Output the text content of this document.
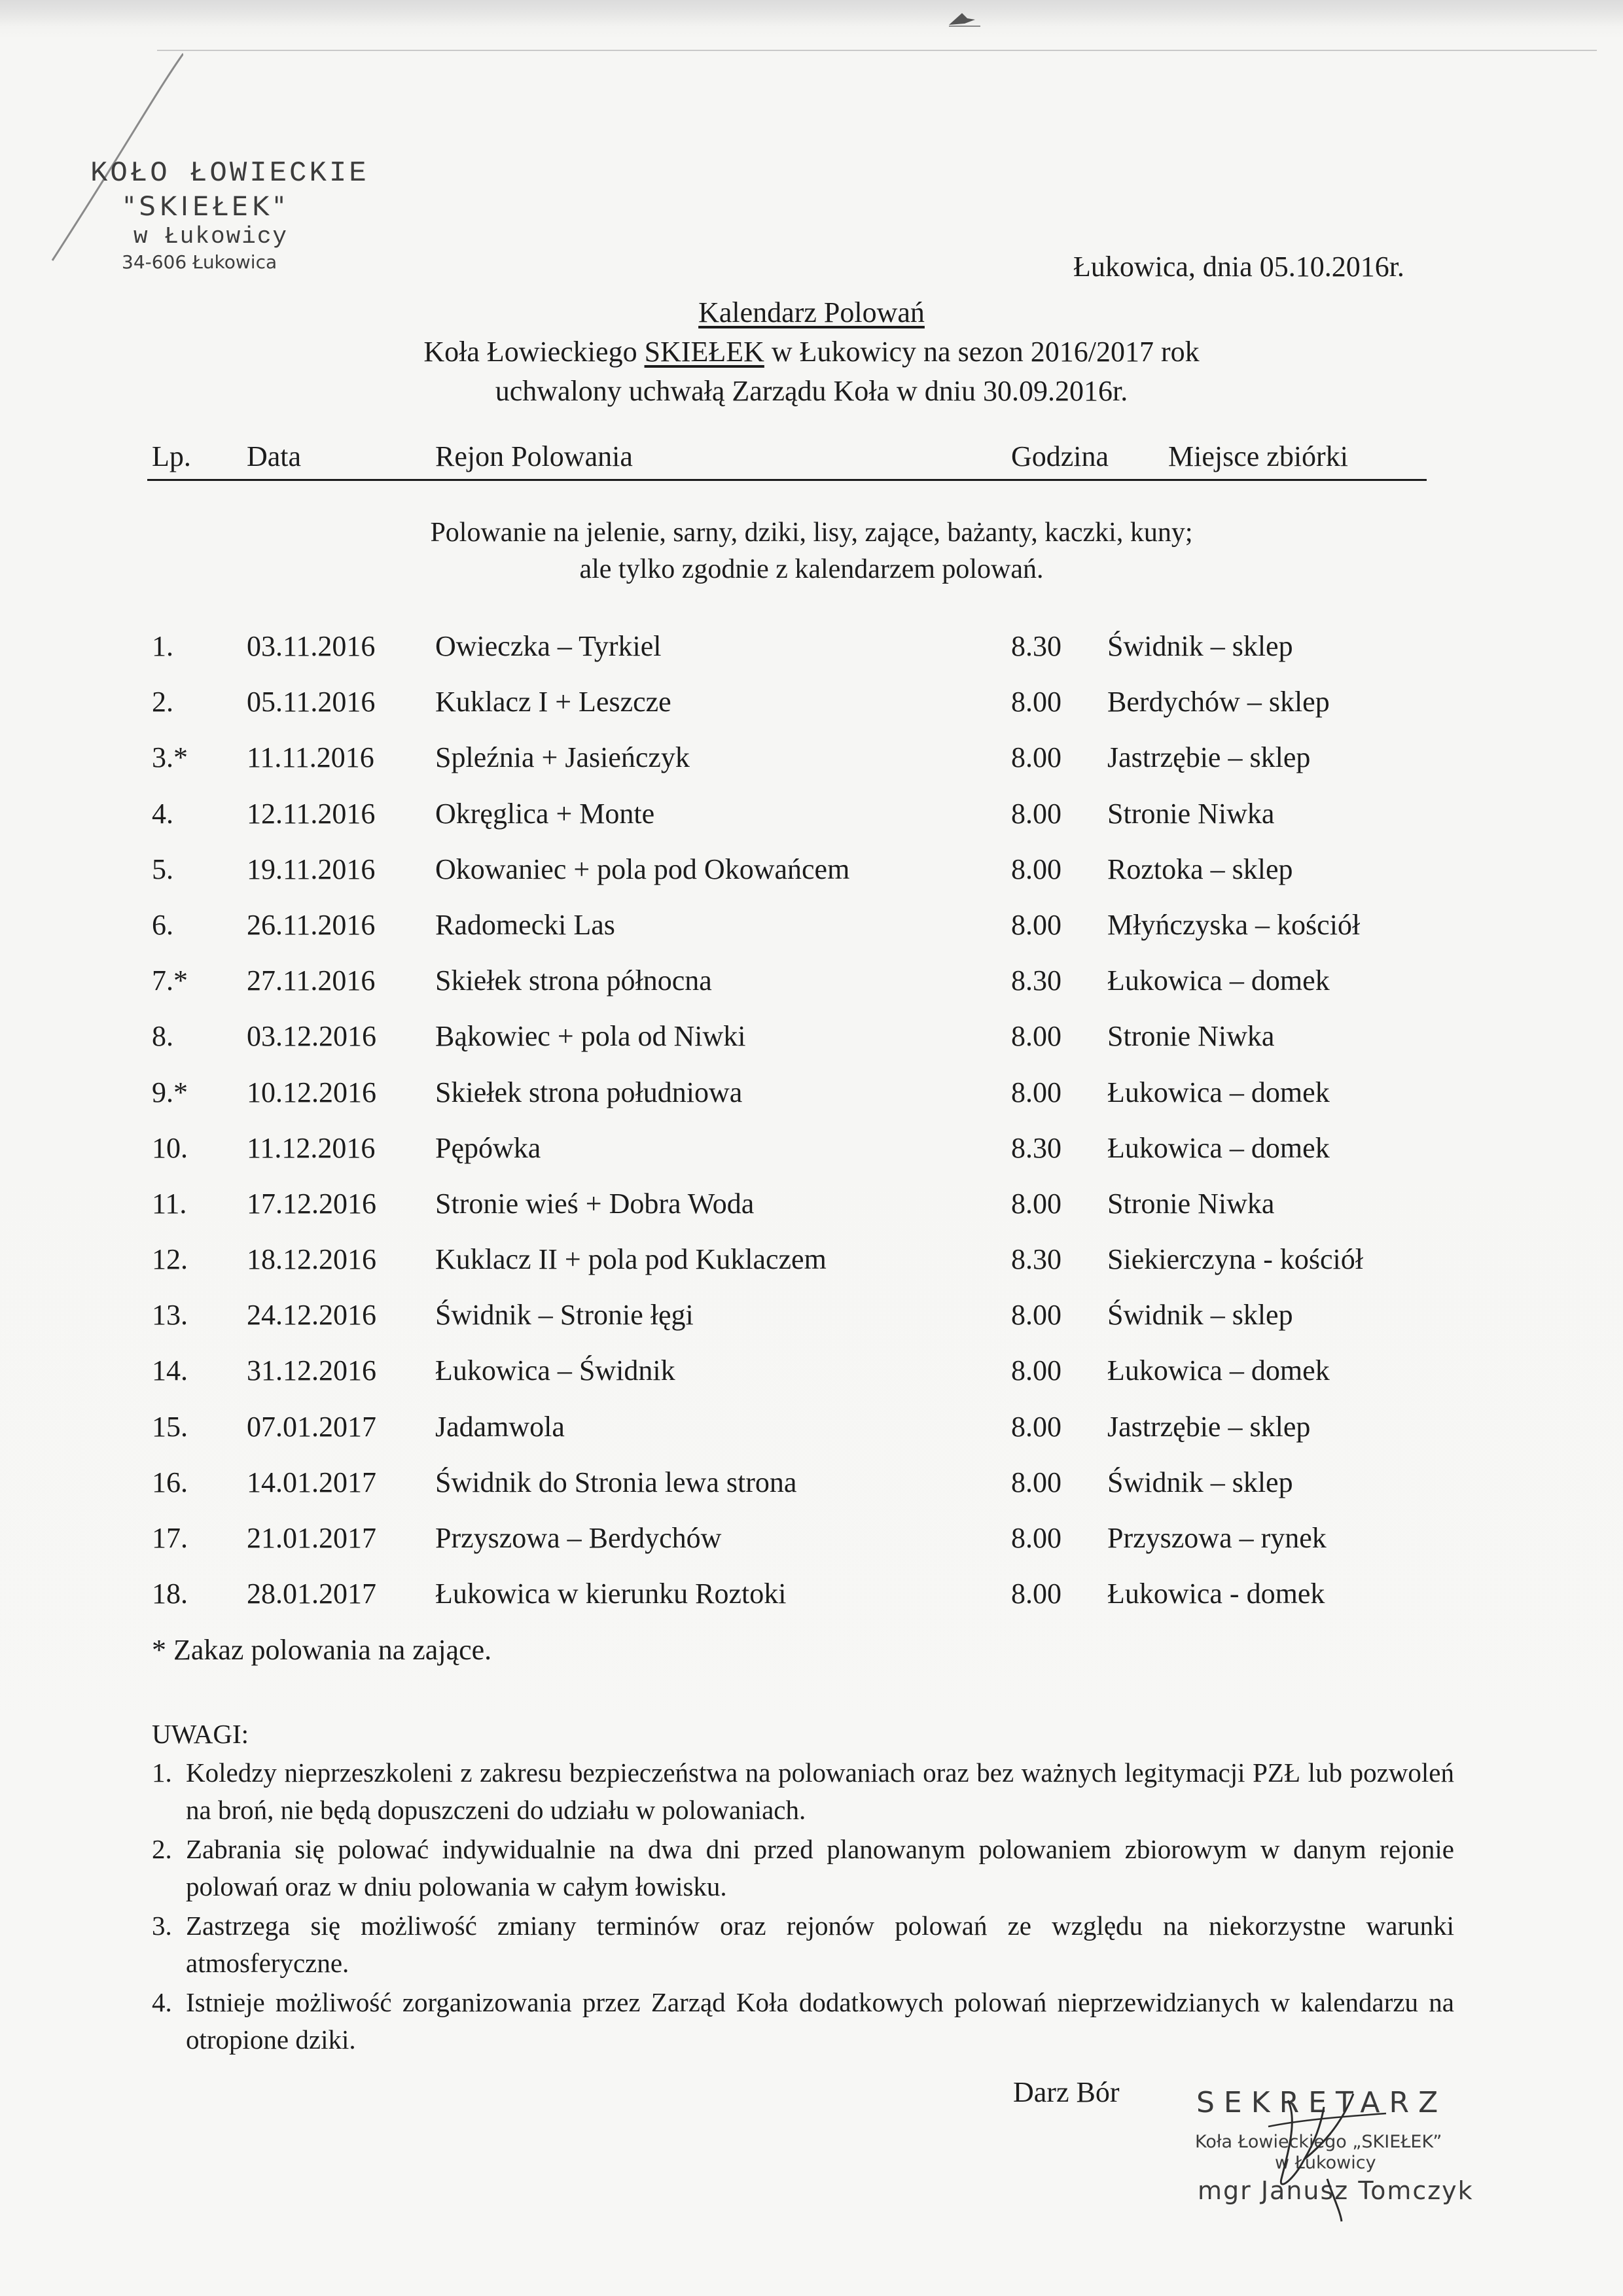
KOŁO ŁOWIECKIE
"SKIEŁEK"
w Łukowicy
34-606 Łukowica	Łukowica, dnia 05.10.2016r.
Kalendarz Polowań
Koła Łowieckiego SKIEŁEK w Łukowicy na sezon 2016/2017 rok
uchwalony uchwałą Zarządu Koła w dniu 30.09.2016r.
Lp. Data	Rejon Polowania	Godzina Miejsce zbiórki
Polowanie na jelenie, sarny, dziki, lisy, zające, bażanty, kaczki, kuny;
ale tylko zgodnie z kalendarzem polowań.
1.	03.11.2016 Owieczka – Tyrkiel	8.30 Świdnik – sklep
2.	05.11.2016 Kuklacz I + Leszcze	8.00 Berdychów – sklep
3.* 11.11.2016 Spleźnia + Jasieńczyk	8.00 Jastrzębie – sklep
4.	12.11.2016 Okręglica + Monte	8.00 Stronie Niwka
5.	19.11.2016 Okowaniec + pola pod Okowańcem	8.00 Roztoka – sklep
6.	26.11.2016 Radomecki Las	8.00 Młyńczyska – kościół
7.* 27.11.2016 Skiełek strona północna	8.30 Łukowica – domek
8.	03.12.2016 Bąkowiec + pola od Niwki	8.00 Stronie Niwka
9.* 10.12.2016 Skiełek strona południowa	8.00 Łukowica – domek
10. 11.12.2016 Pępówka	8.30 Łukowica – domek
11. 17.12.2016 Stronie wieś + Dobra Woda	8.00 Stronie Niwka
12. 18.12.2016 Kuklacz II + pola pod Kuklaczem	8.30 Siekierczyna - kościół
13. 24.12.2016 Świdnik – Stronie łęgi	8.00 Świdnik – sklep
14. 31.12.2016 Łukowica – Świdnik	8.00 Łukowica – domek
15. 07.01.2017 Jadamwola	8.00 Jastrzębie – sklep
16. 14.01.2017 Świdnik do Stronia lewa strona	8.00 Świdnik – sklep
17. 21.01.2017 Przyszowa – Berdychów	8.00 Przyszowa – rynek
18. 28.01.2017 Łukowica w kierunku Roztoki	8.00 Łukowica - domek
* Zakaz polowania na zające.
UWAGI:
1. Koledzy nieprzeszkoleni z zakresu bezpieczeństwa na polowaniach oraz bez ważnych legitymacji PZŁ lub pozwoleń na broń, nie będą dopuszczeni do udziału w polowaniach.
2. Zabrania się polować indywidualnie na dwa dni przed planowanym polowaniem zbiorowym w danym rejonie polowań oraz w dniu polowania w całym łowisku.
3. Zastrzega się możliwość zmiany terminów oraz rejonów polowań ze względu na niekorzystne warunki atmosferyczne.
4. Istnieje możliwość zorganizowania przez Zarząd Koła dodatkowych polowań nieprzewidzianych w kalendarzu na otropione dziki.
Darz Bór	SEKRETARZ
Koła Łowieckiego „SKIEŁEK”
w Łukowicy
mgr Janusz Tomczyk
